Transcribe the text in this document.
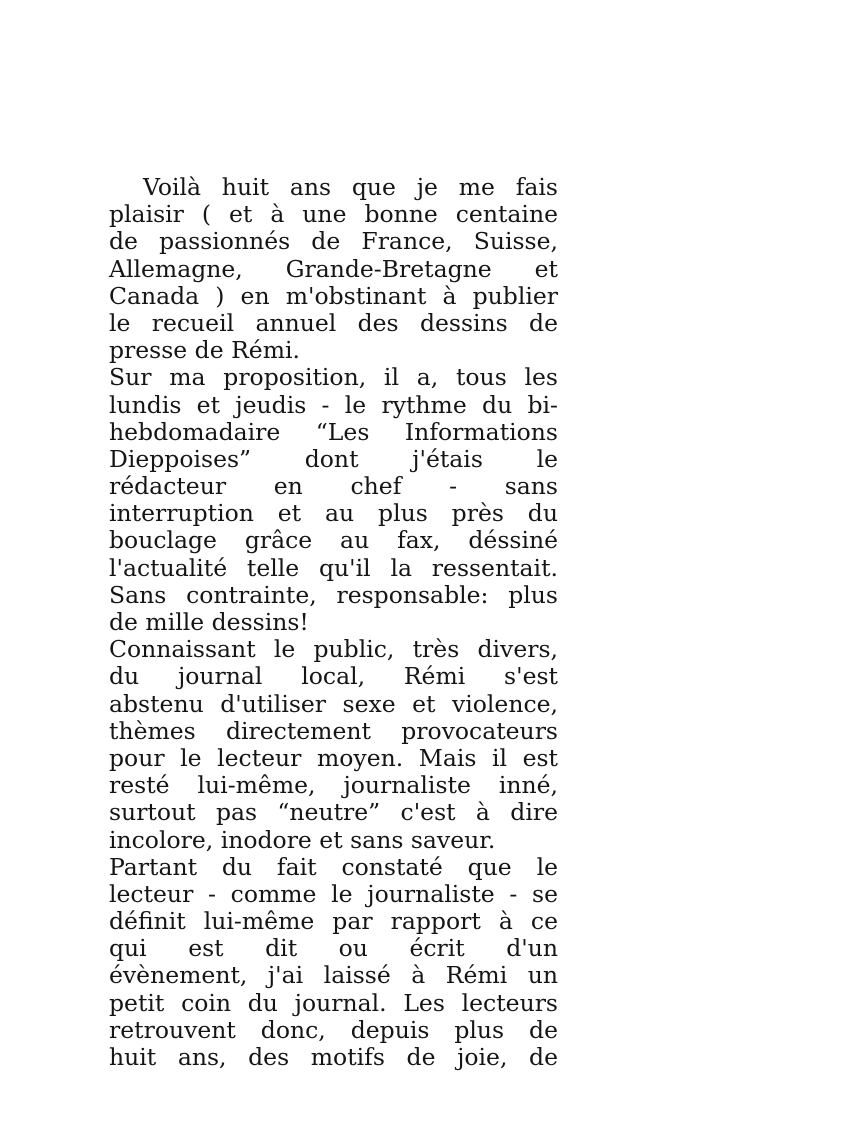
Voilà huit ans que je me fais
plaisir ( et à une bonne centaine
de passionnés de France, Suisse,
Allemagne, Grande-Bretagne et
Canada ) en m'obstinant à publier
le recueil annuel des dessins de
presse de Rémi.
Sur ma proposition, il a, tous les
lundis et jeudis - le rythme du bi-
hebdomadaire “Les Informations
Dieppoises” dont j'étais le
rédacteur en chef - sans
interruption et au plus près du
bouclage grâce au fax, déssiné
l'actualité telle qu'il la ressentait.
Sans contrainte, responsable: plus
de mille dessins!
Connaissant le public, très divers,
du journal local, Rémi s'est
abstenu d'utiliser sexe et violence,
thèmes directement provocateurs
pour le lecteur moyen. Mais il est
resté lui-même, journaliste inné,
surtout pas “neutre” c'est à dire
incolore, inodore et sans saveur.
Partant du fait constaté que le
lecteur - comme le journaliste - se
définit lui-même par rapport à ce
qui est dit ou écrit d'un
évènement, j'ai laissé à Rémi un
petit coin du journal. Les lecteurs
retrouvent donc, depuis plus de
huit ans, des motifs de joie, de
